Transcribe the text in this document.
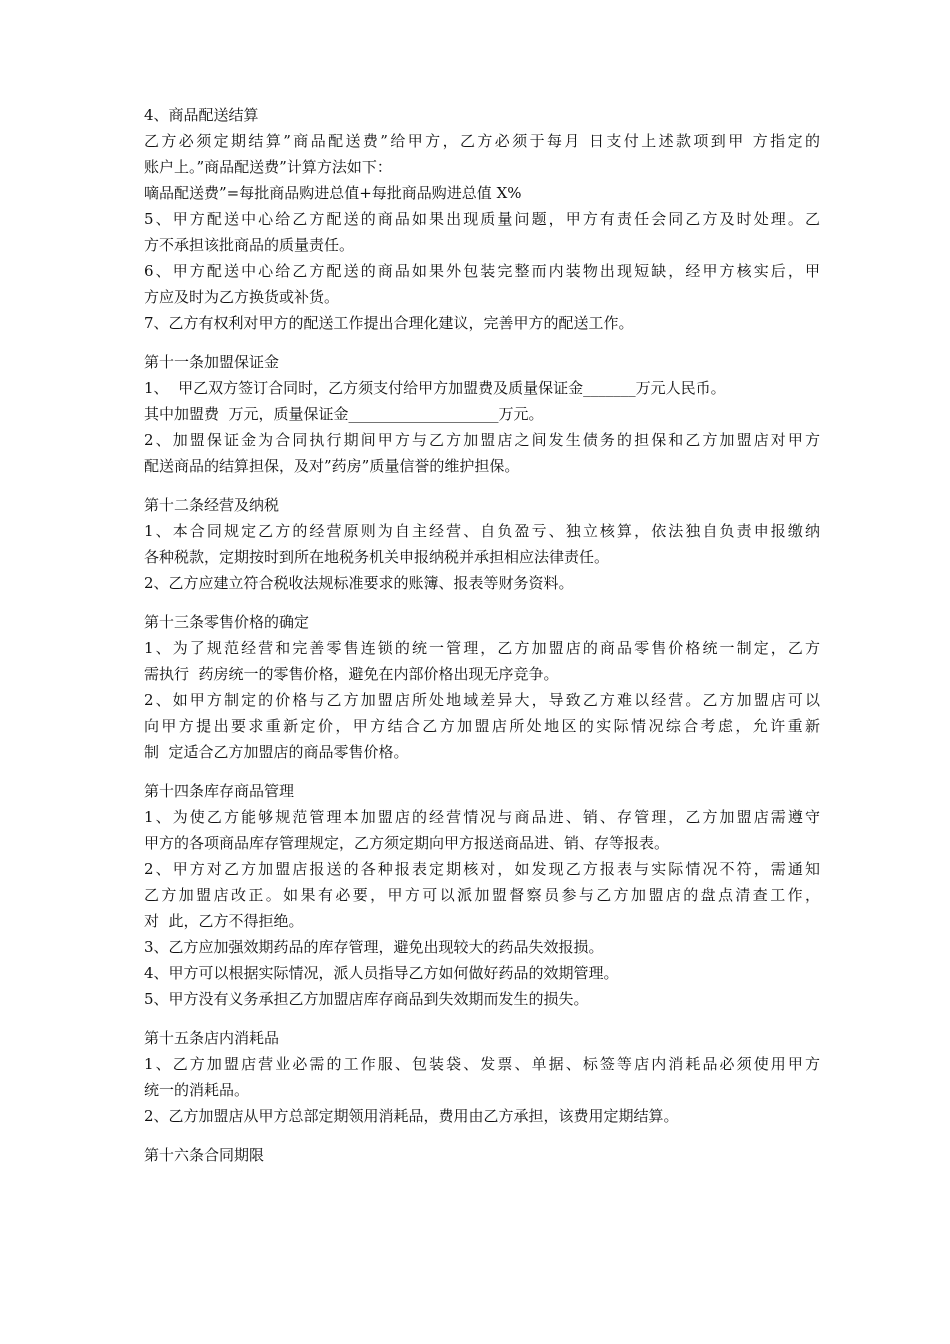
4、商品配送结算
乙方必须定期结算”商品配送费”给甲方，乙方必须于每月 日支付上述款项到甲 方指定的
账户上。”商品配送费”计算方法如下：
嘀品配送费”=每批商品购进总值+每批商品购进总值 X%
5、甲方配送中心给乙方配送的商品如果出现质量问题，甲方有责任会同乙方及时处理。乙
方不承担该批商品的质量责任。
6、甲方配送中心给乙方配送的商品如果外包装完整而内装物出现短缺，经甲方核实后，甲
方应及时为乙方换货或补货。
7、乙方有权利对甲方的配送工作提出合理化建议，完善甲方的配送工作。
第十一条加盟保证金
1、  甲乙双方签订合同时，乙方须支付给甲方加盟费及质量保证金_______万元人民币。
其中加盟费  万元，质量保证金____________________万元。
2、加盟保证金为合同执行期间甲方与乙方加盟店之间发生债务的担保和乙方加盟店对甲方
配送商品的结算担保，及对”药房”质量信誉的维护担保。
第十二条经营及纳税
1、本合同规定乙方的经营原则为自主经营、自负盈亏、独立核算，依法独自负责申报缴纳
各种税款，定期按时到所在地税务机关申报纳税并承担相应法律责任。
2、乙方应建立符合税收法规标准要求的账簿、报表等财务资料。
第十三条零售价格的确定
1、为了规范经营和完善零售连锁的统一管理，乙方加盟店的商品零售价格统一制定，乙方
需执行  药房统一的零售价格，避免在内部价格出现无序竞争。
2、如甲方制定的价格与乙方加盟店所处地域差异大，导致乙方难以经营。乙方加盟店可以
向甲方提出要求重新定价，甲方结合乙方加盟店所处地区的实际情况综合考虑，允许重新
制  定适合乙方加盟店的商品零售价格。
第十四条库存商品管理
1、为使乙方能够规范管理本加盟店的经营情况与商品进、销、存管理，乙方加盟店需遵守
甲方的各项商品库存管理规定，乙方须定期向甲方报送商品进、销、存等报表。
2、甲方对乙方加盟店报送的各种报表定期核对，如发现乙方报表与实际情况不符，需通知
乙方加盟店改正。如果有必要，甲方可以派加盟督察员参与乙方加盟店的盘点清查工作，
对  此，乙方不得拒绝。
3、乙方应加强效期药品的库存管理，避免出现较大的药品失效报损。
4、甲方可以根据实际情况，派人员指导乙方如何做好药品的效期管理。
5、甲方没有义务承担乙方加盟店库存商品到失效期而发生的损失。
第十五条店内消耗品
1、乙方加盟店营业必需的工作服、包装袋、发票、单据、标签等店内消耗品必须使用甲方
统一的消耗品。
2、乙方加盟店从甲方总部定期领用消耗品，费用由乙方承担，该费用定期结算。
第十六条合同期限
